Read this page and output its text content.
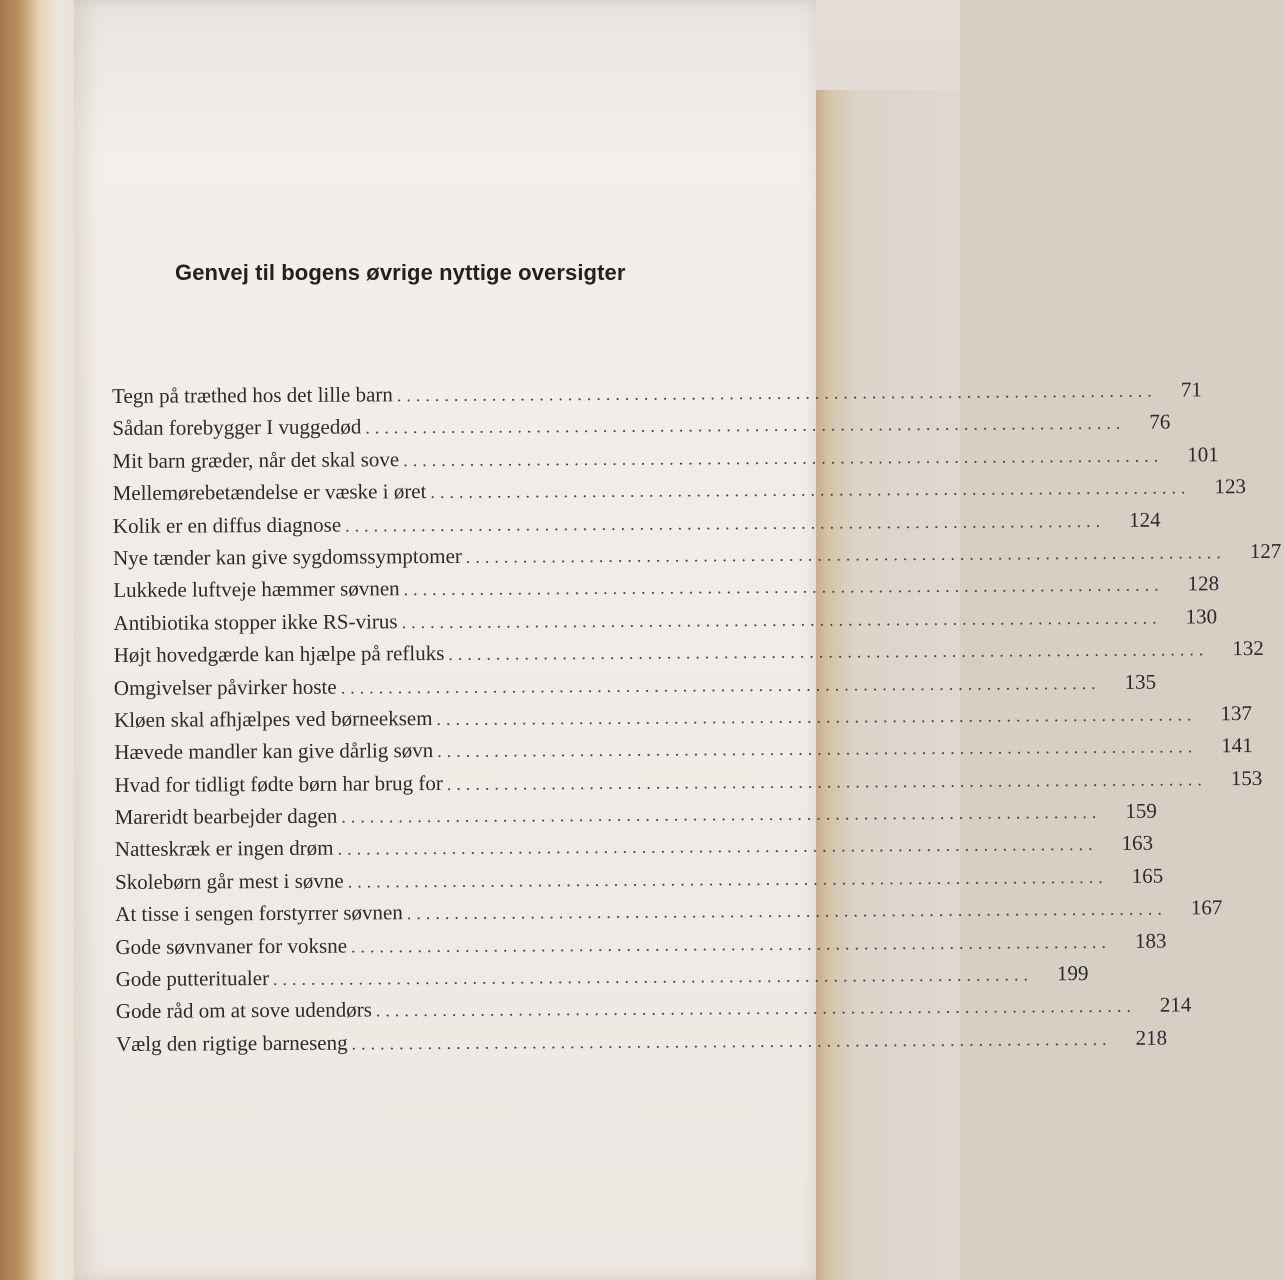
Genvej til bogens øvrige nyttige oversigter
Tegn på træthed hos det lille barn ................................................................................ 71
Sådan forebygger I vuggedød ................................................................................ 76
Mit barn græder, når det skal sove ................................................................................ 101
Mellemørebetændelse er væske i øret ................................................................................ 123
Kolik er en diffus diagnose ................................................................................ 124
Nye tænder kan give sygdomssymptomer ................................................................................ 127
Lukkede luftveje hæmmer søvnen ................................................................................ 128
Antibiotika stopper ikke RS-virus ................................................................................ 130
Højt hovedgærde kan hjælpe på refluks ................................................................................ 132
Omgivelser påvirker hoste ................................................................................ 135
Kløen skal afhjælpes ved børneeksem ................................................................................ 137
Hævede mandler kan give dårlig søvn ................................................................................ 141
Hvad for tidligt fødte børn har brug for ................................................................................ 153
Mareridt bearbejder dagen ................................................................................ 159
Natteskræk er ingen drøm ................................................................................ 163
Skolebørn går mest i søvne ................................................................................ 165
At tisse i sengen forstyrrer søvnen ................................................................................ 167
Gode søvnvaner for voksne ................................................................................ 183
Gode putteritualer ................................................................................ 199
Gode råd om at sove udendørs ................................................................................ 214
Vælg den rigtige barneseng ................................................................................ 218
